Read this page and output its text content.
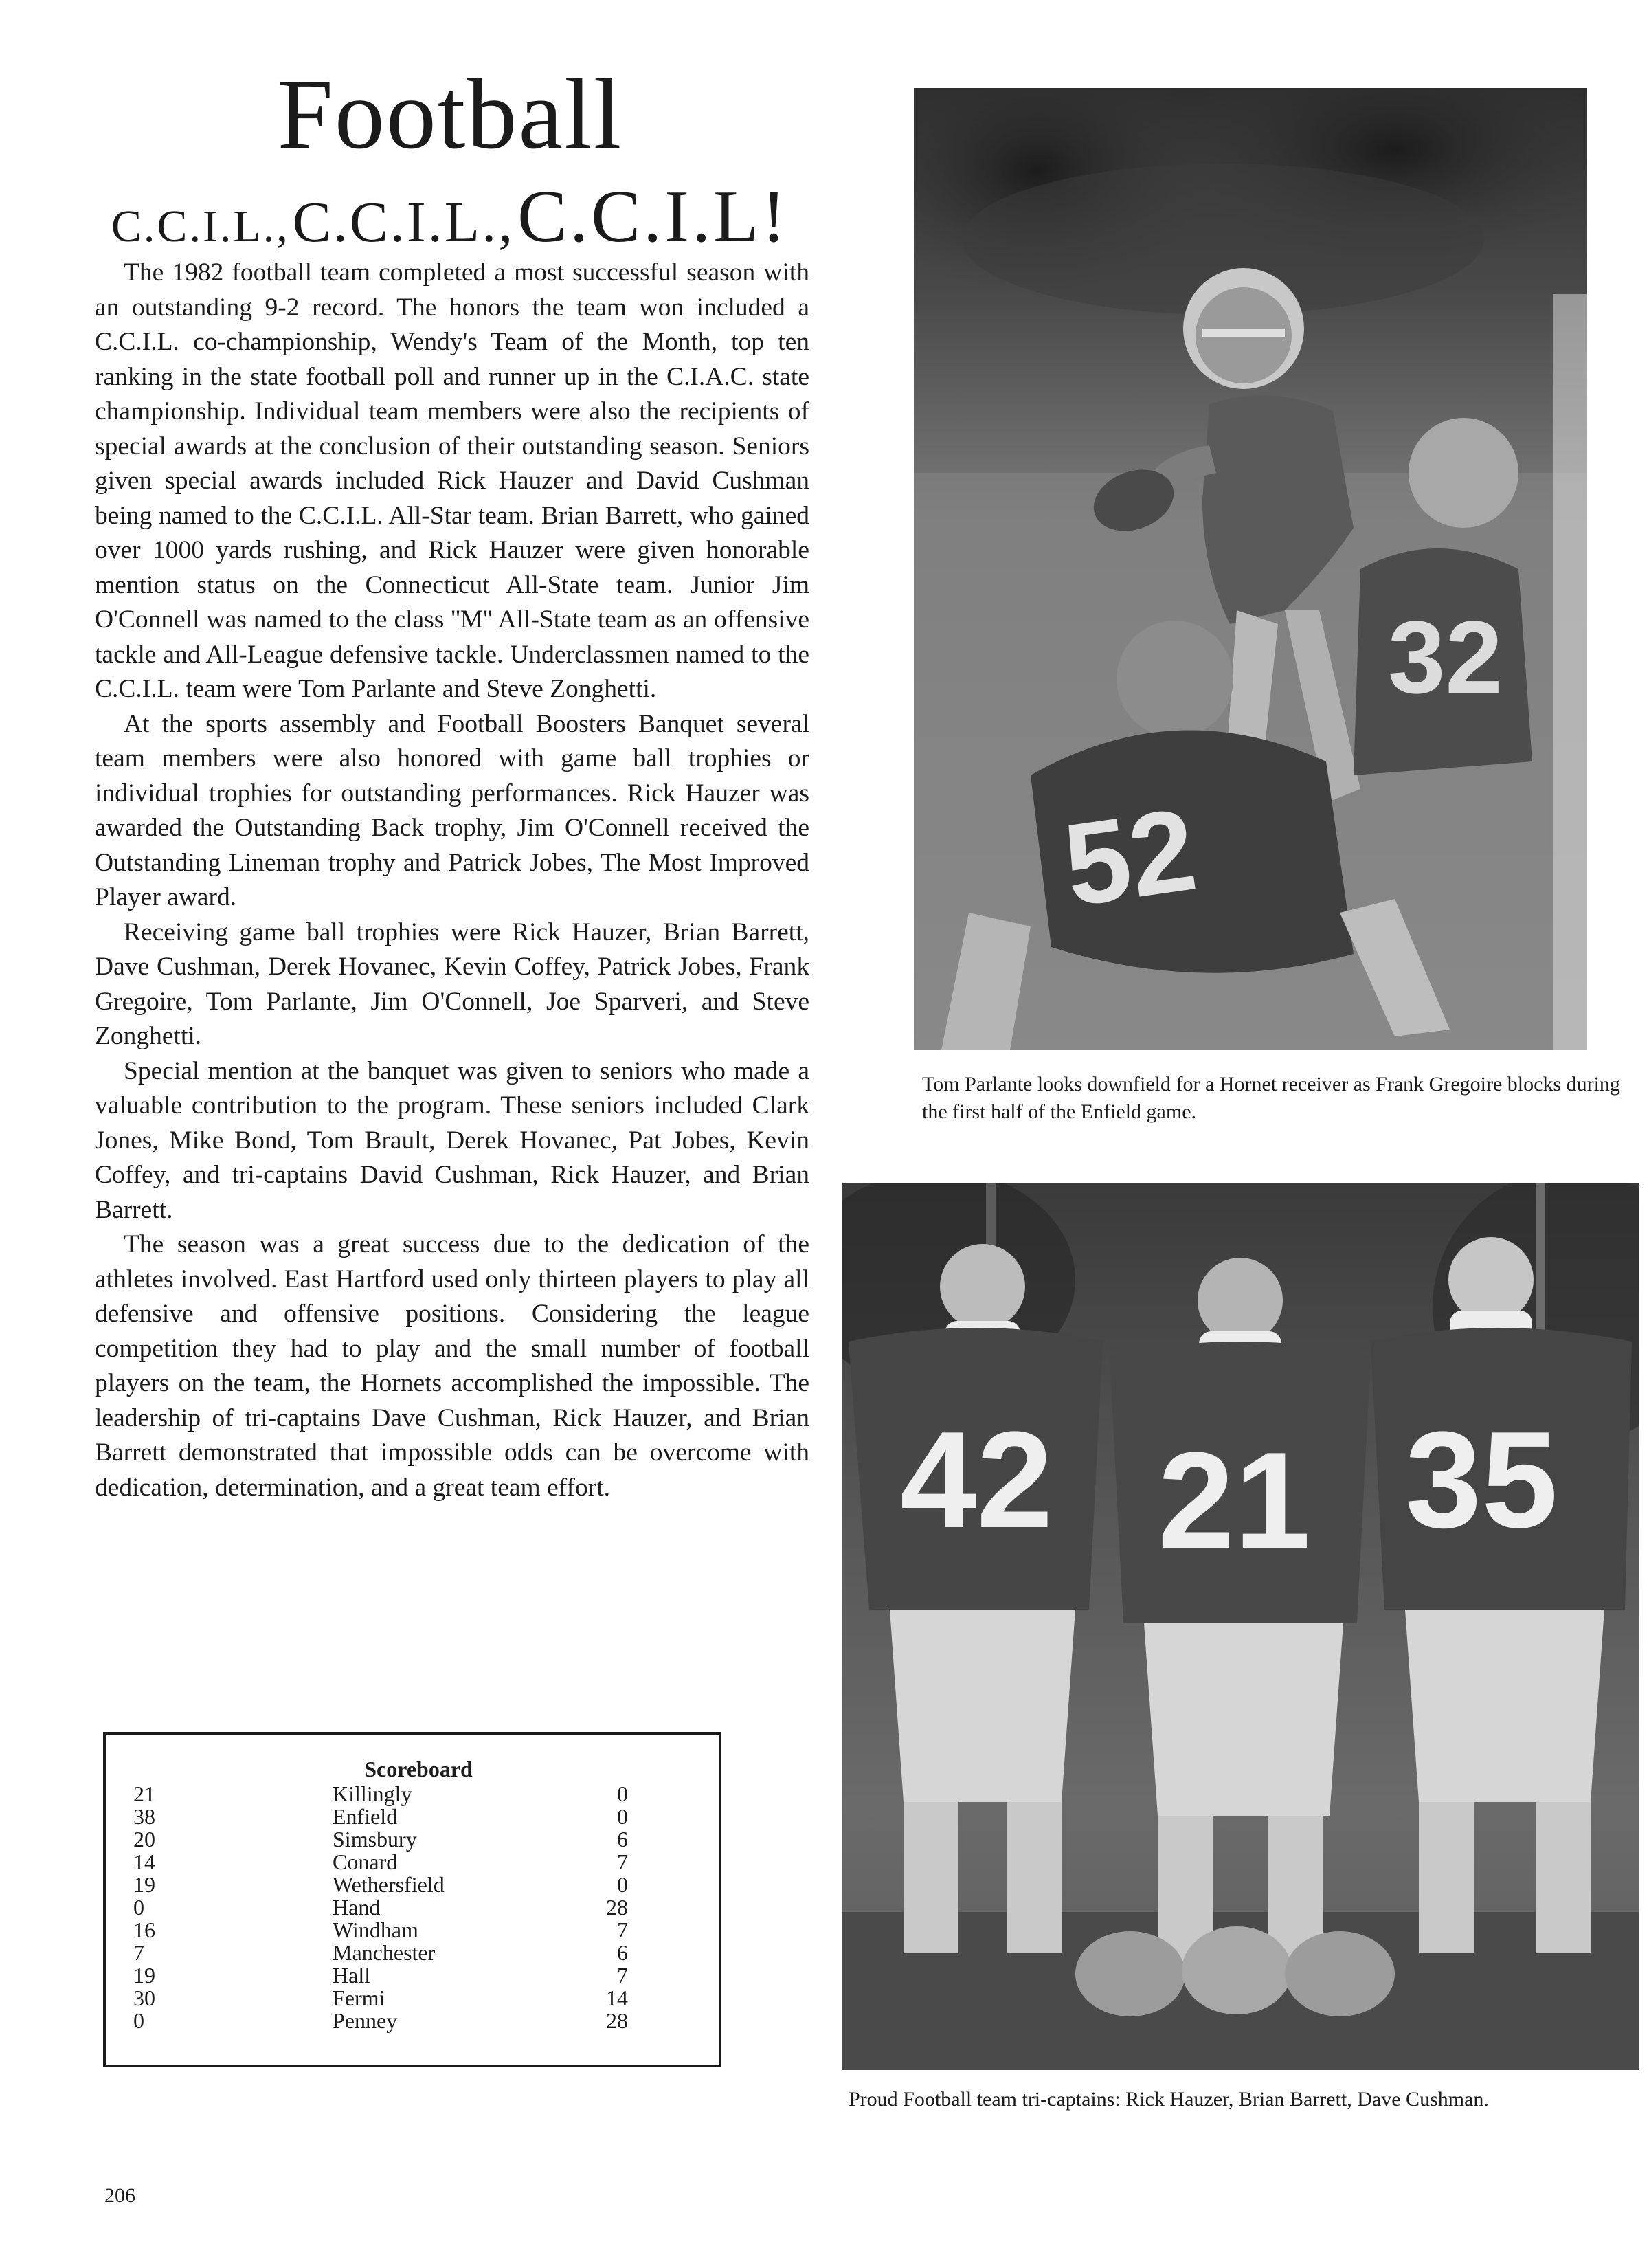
Football
C.C.I.L., C.C.I.L., C.C.I.L!

The 1982 football team completed a most successful season with an outstanding 9-2 record. The honors the team won included a C.C.I.L. co-championship, Wendy's Team of the Month, top ten ranking in the state football poll and runner up in the C.I.A.C. state championship. Individual team members were also the recipients of special awards at the conclusion of their outstanding season. Seniors given special awards included Rick Hauzer and David Cushman being named to the C.C.I.L. All-Star team. Brian Barrett, who gained over 1000 yards rushing, and Rick Hauzer were given honorable mention status on the Connecticut All-State team. Junior Jim O'Connell was named to the class ''M'' All-State team as an offensive tackle and All-League defensive tackle. Underclassmen named to the C.C.I.L. team were Tom Parlante and Steve Zonghetti.

At the sports assembly and Football Boosters Banquet several team members were also honored with game ball trophies or individual trophies for outstanding performances. Rick Hauzer was awarded the Outstanding Back trophy, Jim O'Connell received the Outstanding Lineman trophy and Patrick Jobes, The Most Improved Player award.

Receiving game ball trophies were Rick Hauzer, Brian Barrett, Dave Cushman, Derek Hovanec, Kevin Coffey, Patrick Jobes, Frank Gregoire, Tom Parlante, Jim O'Connell, Joe Sparveri, and Steve Zonghetti.

Special mention at the banquet was given to seniors who made a valuable contribution to the program. These seniors included Clark Jones, Mike Bond, Tom Brault, Derek Hovanec, Pat Jobes, Kevin Coffey, and tri-captains David Cushman, Rick Hauzer, and Brian Barrett.

The season was a great success due to the dedication of the athletes involved. East Hartford used only thirteen players to play all defensive and offensive positions. Considering the league competition they had to play and the small number of football players on the team, the Hornets accomplished the impossible. The leadership of tri-captains Dave Cushman, Rick Hauzer, and Brian Barrett demonstrated that impossible odds can be overcome with dedication, determination, and a great team effort.

Scoreboard
21	Killingly	0
38	Enfield	0
20	Simsbury	6
14	Conard	7
19	Wethersfield	0
0	Hand	28
16	Windham	7
7	Manchester	6
19	Hall	7
30	Fermi	14
0	Penney	28
32
52
Tom Parlante looks downfield for a Hornet receiver as Frank Gregoire blocks during the first half of the Enfield game.
42 21 35
Proud Football team tri-captains: Rick Hauzer, Brian Barrett, Dave Cushman.
206
